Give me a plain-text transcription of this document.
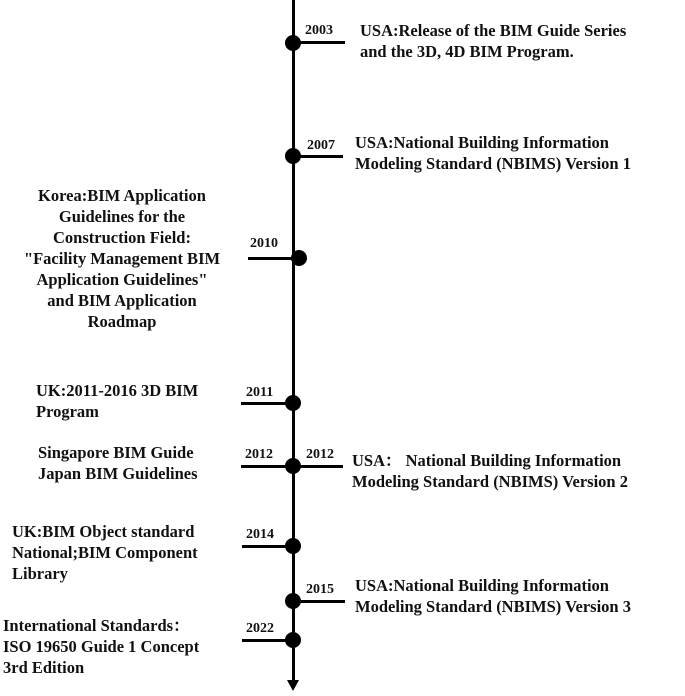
2003 USA:Release of the BIM Guide Series
and the 3D, 4D BIM Program.
2007 USA:National Building Information
Modeling Standard (NBIMS) Version 1
2010
Korea:BIM Application
Guidelines for the
Construction Field:
"Facility Management BIM
Application Guidelines"
and BIM Application
Roadmap
2011
UK:2011-2016 3D BIM
Program
2012
Singapore BIM Guide
Japan BIM Guidelines
2012 USA： National Building Information
Modeling Standard (NBIMS) Version 2
2014
UK:BIM Object standard
National;BIM Component
Library
2015 USA:National Building Information
Modeling Standard (NBIMS) Version 3
2022
International Standards：
ISO 19650 Guide 1 Concept
3rd Edition
